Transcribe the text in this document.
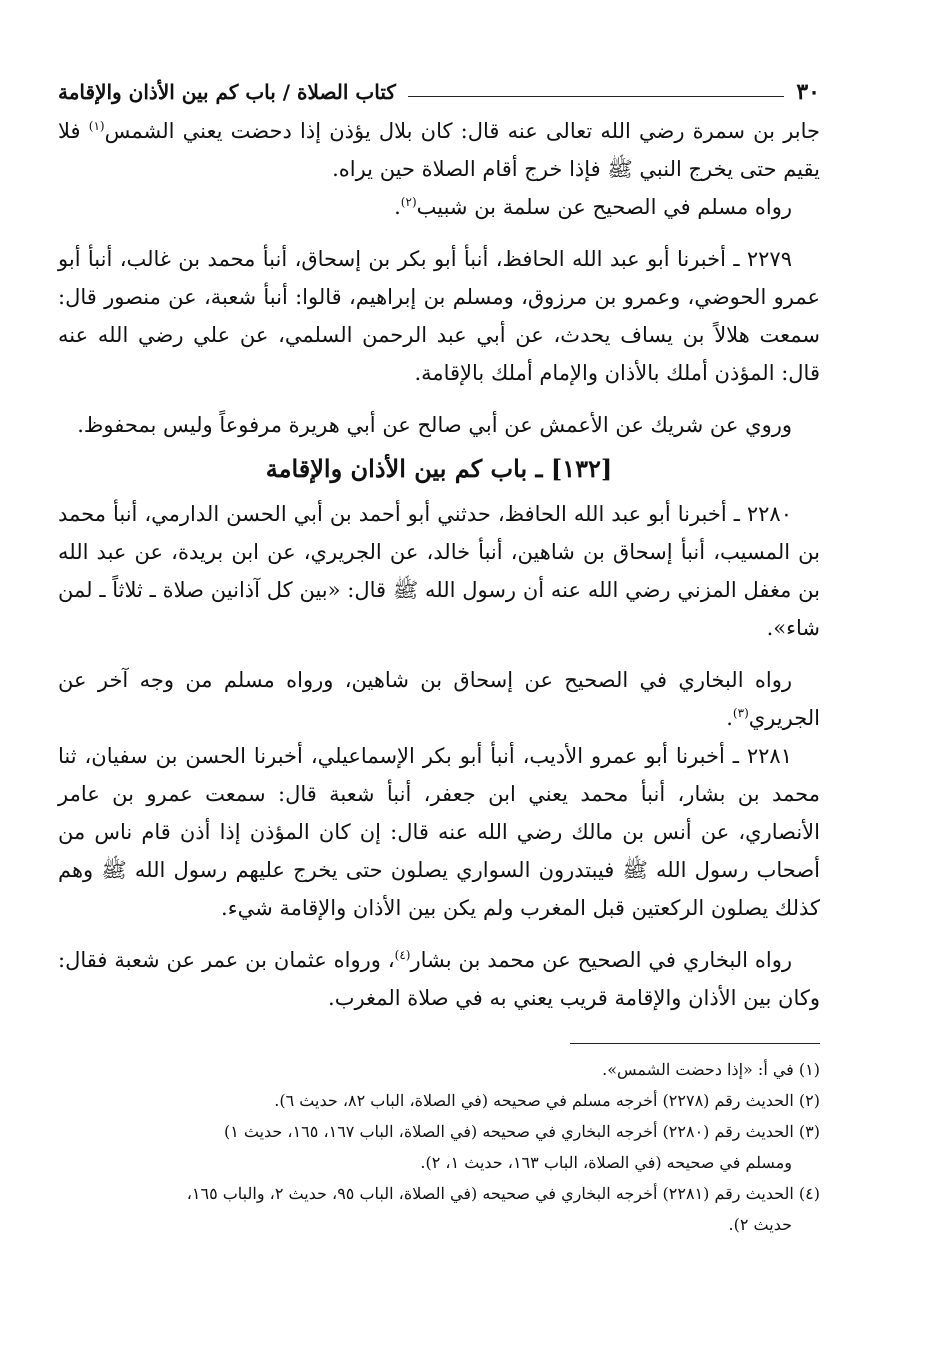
٣٠
كتاب الصلاة / باب كم بين الأذان والإقامة

جابر بن سمرة رضي الله تعالى عنه قال: كان بلال يؤذن إذا دحضت يعني الشمس$^{(١)}$ فلا يقيم حتى يخرج النبي ﷺ فإذا خرج أقام الصلاة حين يراه.

رواه مسلم في الصحيح عن سلمة بن شبيب$^{(٢)}$.

٢٢٧٩ ـ أخبرنا أبو عبد الله الحافظ، أنبأ أبو بكر بن إسحاق، أنبأ محمد بن غالب، أنبأ أبو عمرو الحوضي، وعمرو بن مرزوق، ومسلم بن إبراهيم، قالوا: أنبأ شعبة، عن منصور قال: سمعت هلالاً بن يساف يحدث، عن أبي عبد الرحمن السلمي، عن علي رضي الله عنه قال: المؤذن أملك بالأذان والإمام أملك بالإقامة.

وروي عن شريك عن الأعمش عن أبي صالح عن أبي هريرة مرفوعاً وليس بمحفوظ.

[١٣٢] ـ باب كم بين الأذان والإقامة

٢٢٨٠ ـ أخبرنا أبو عبد الله الحافظ، حدثني أبو أحمد بن أبي الحسن الدارمي، أنبأ محمد بن المسيب، أنبأ إسحاق بن شاهين، أنبأ خالد، عن الجريري، عن ابن بريدة، عن عبد الله بن مغفل المزني رضي الله عنه أن رسول الله ﷺ قال: «بين كل آذانين صلاة ـ ثلاثاً ـ لمن شاء».

رواه البخاري في الصحيح عن إسحاق بن شاهين، ورواه مسلم من وجه آخر عن الجريري$^{(٣)}$.

٢٢٨١ ـ أخبرنا أبو عمرو الأديب، أنبأ أبو بكر الإسماعيلي، أخبرنا الحسن بن سفيان، ثنا محمد بن بشار، أنبأ محمد يعني ابن جعفر، أنبأ شعبة قال: سمعت عمرو بن عامر الأنصاري، عن أنس بن مالك رضي الله عنه قال: إن كان المؤذن إذا أذن قام ناس من أصحاب رسول الله ﷺ فيبتدرون السواري يصلون حتى يخرج عليهم رسول الله ﷺ وهم كذلك يصلون الركعتين قبل المغرب ولم يكن بين الأذان والإقامة شيء.

رواه البخاري في الصحيح عن محمد بن بشار$^{(٤)}$، ورواه عثمان بن عمر عن شعبة فقال: وكان بين الأذان والإقامة قريب يعني به في صلاة المغرب.

(١) في أ: «إذا دحضت الشمس».

(٢) الحديث رقم (٢٢٧٨) أخرجه مسلم في صحيحه (في الصلاة، الباب ٨٢، حديث ٦).

(٣) الحديث رقم (٢٢٨٠) أخرجه البخاري في صحيحه (في الصلاة، الباب ١٦٧، ١٦٥، حديث ١)
ومسلم في صحيحه (في الصلاة، الباب ١٦٣، حديث ١، ٢).

(٤) الحديث رقم (٢٢٨١) أخرجه البخاري في صحيحه (في الصلاة، الباب ٩٥، حديث ٢، والباب ١٦٥،
حديث ٢).
